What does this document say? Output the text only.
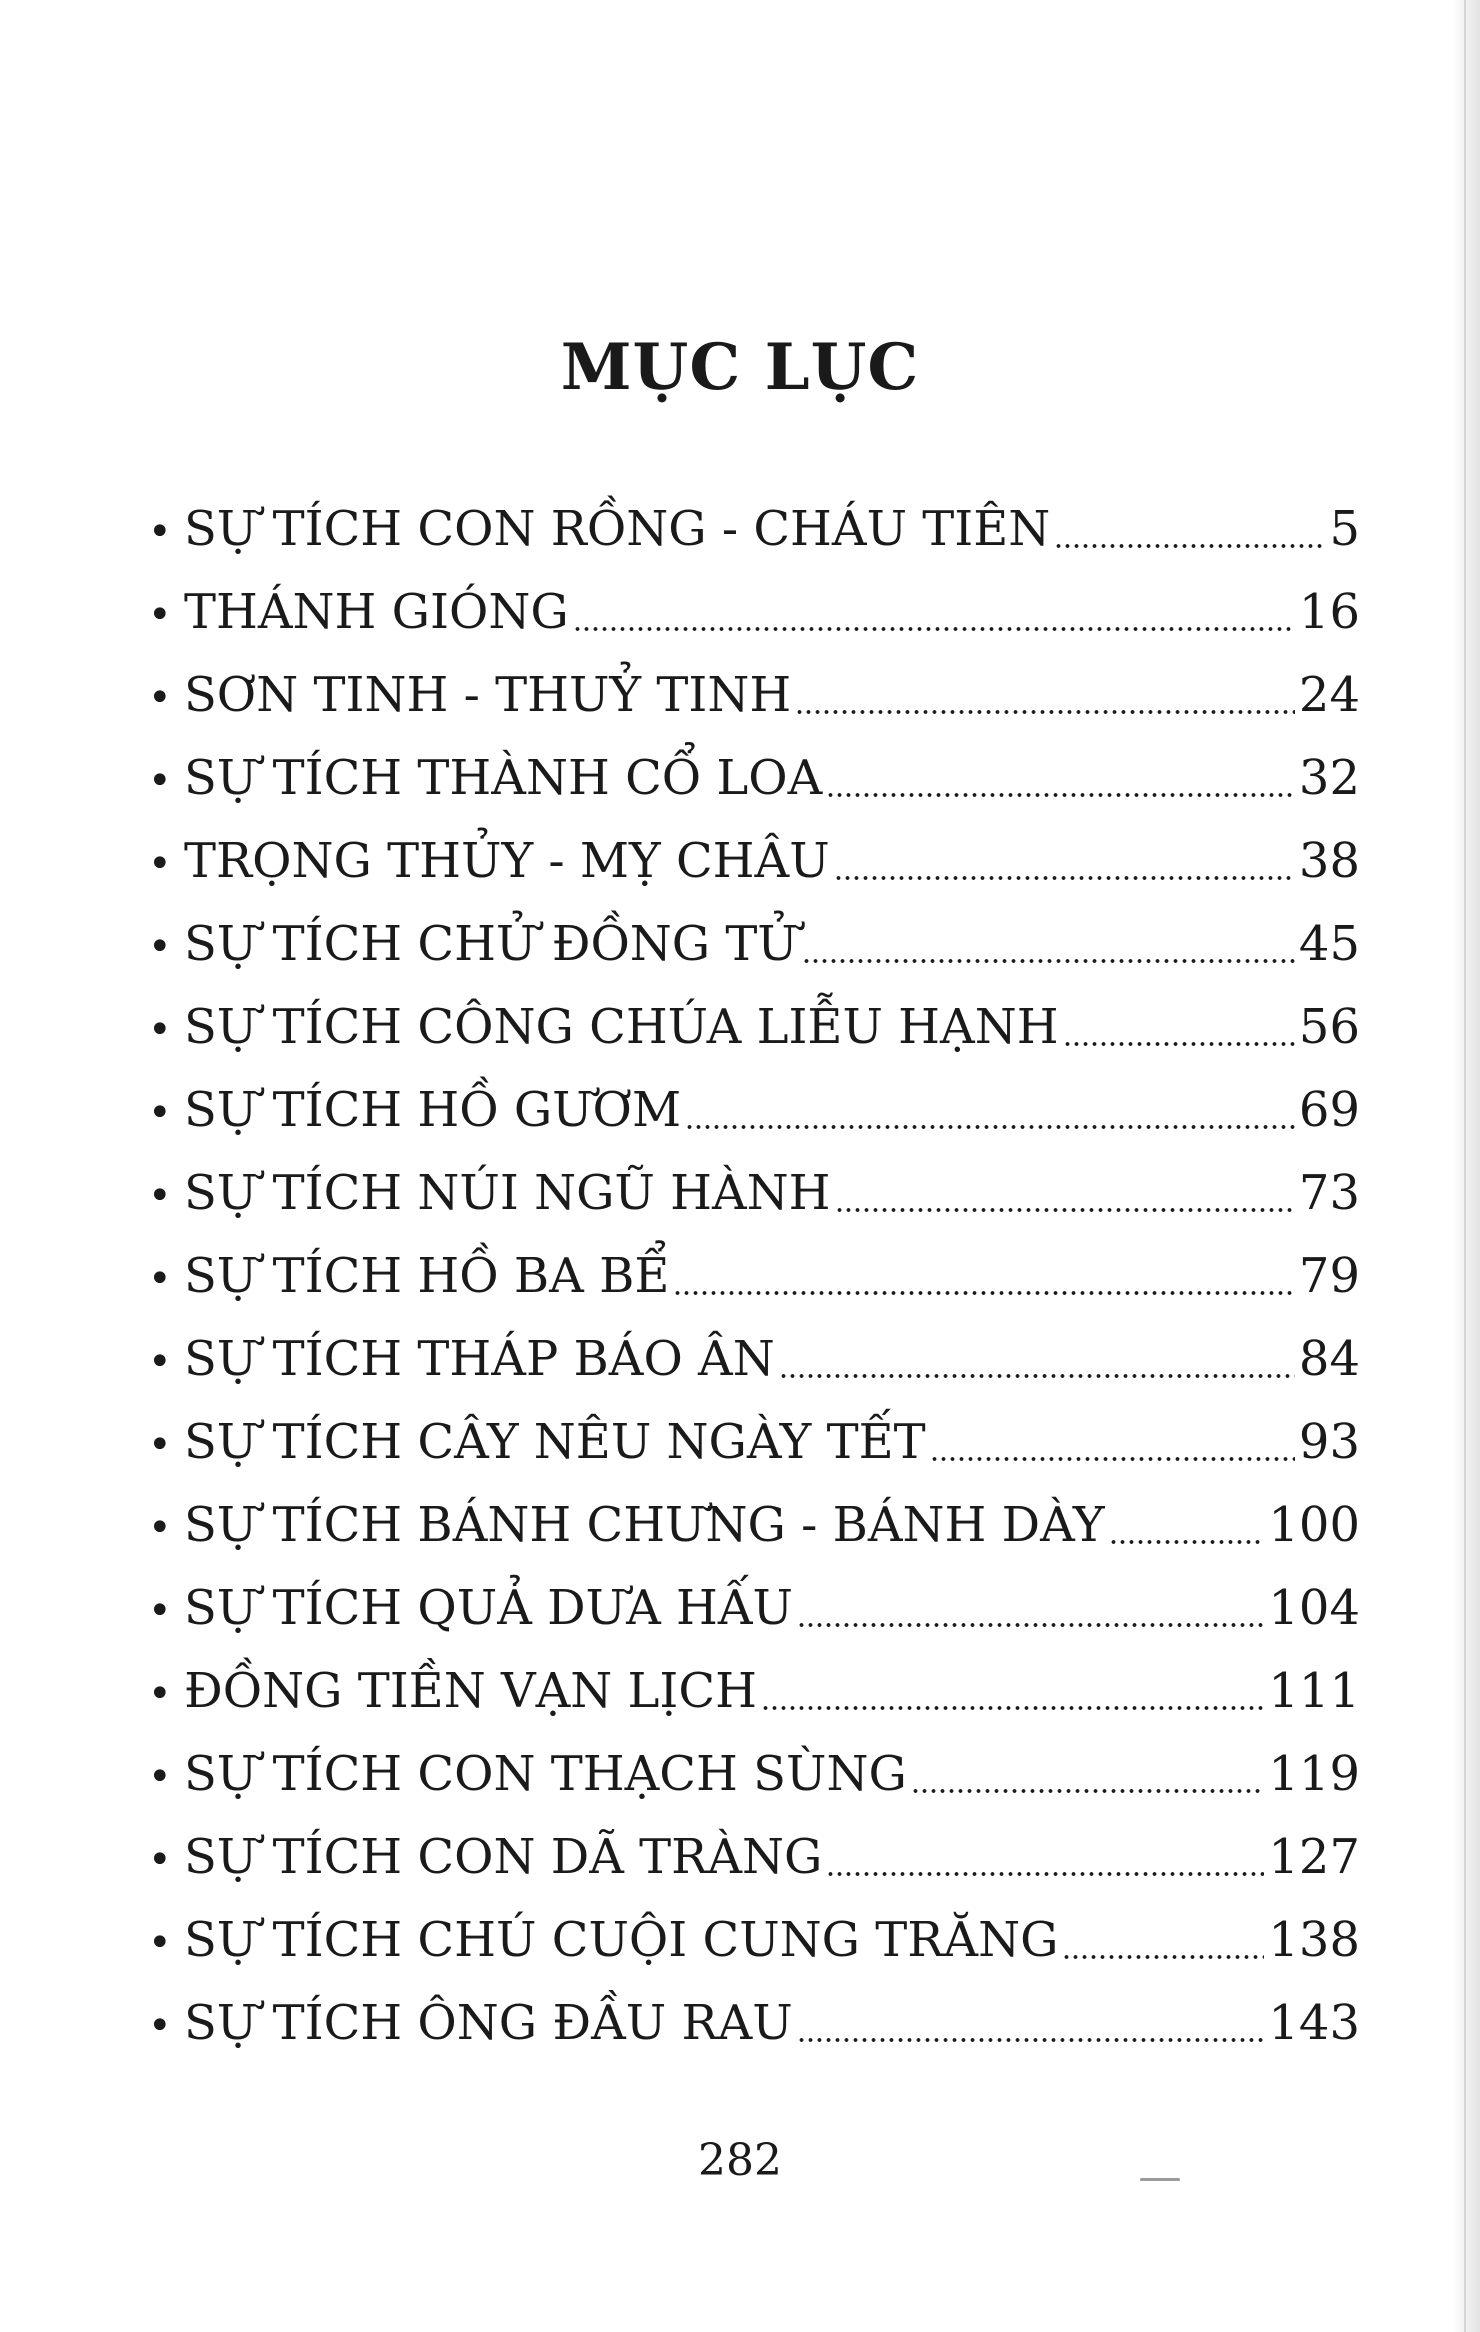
MỤC LỤC
• SỰ TÍCH CON RỒNG - CHÁU TIÊN	5
• THÁNH GIÓNG	16
• SƠN TINH - THUỶ TINH	24
• SỰ TÍCH THÀNH CỔ LOA	32
• TRỌNG THỦY - MỴ CHÂU	38
• SỰ TÍCH CHỬ ĐỒNG TỬ	45
• SỰ TÍCH CÔNG CHÚA LIỄU HẠNH	56
• SỰ TÍCH HỒ GƯƠM	69
• SỰ TÍCH NÚI NGŨ HÀNH	73
• SỰ TÍCH HỒ BA BỂ	79
• SỰ TÍCH THÁP BÁO ÂN	84
• SỰ TÍCH CÂY NÊU NGÀY TẾT	93
• SỰ TÍCH BÁNH CHƯNG - BÁNH DÀY	100
• SỰ TÍCH QUẢ DƯA HẤU	104
• ĐỒNG TIỀN VẠN LỊCH	111
• SỰ TÍCH CON THẠCH SÙNG	119
• SỰ TÍCH CON DÃ TRÀNG	127
• SỰ TÍCH CHÚ CUỘI CUNG TRĂNG	138
• SỰ TÍCH ÔNG ĐẦU RAU	143
282
